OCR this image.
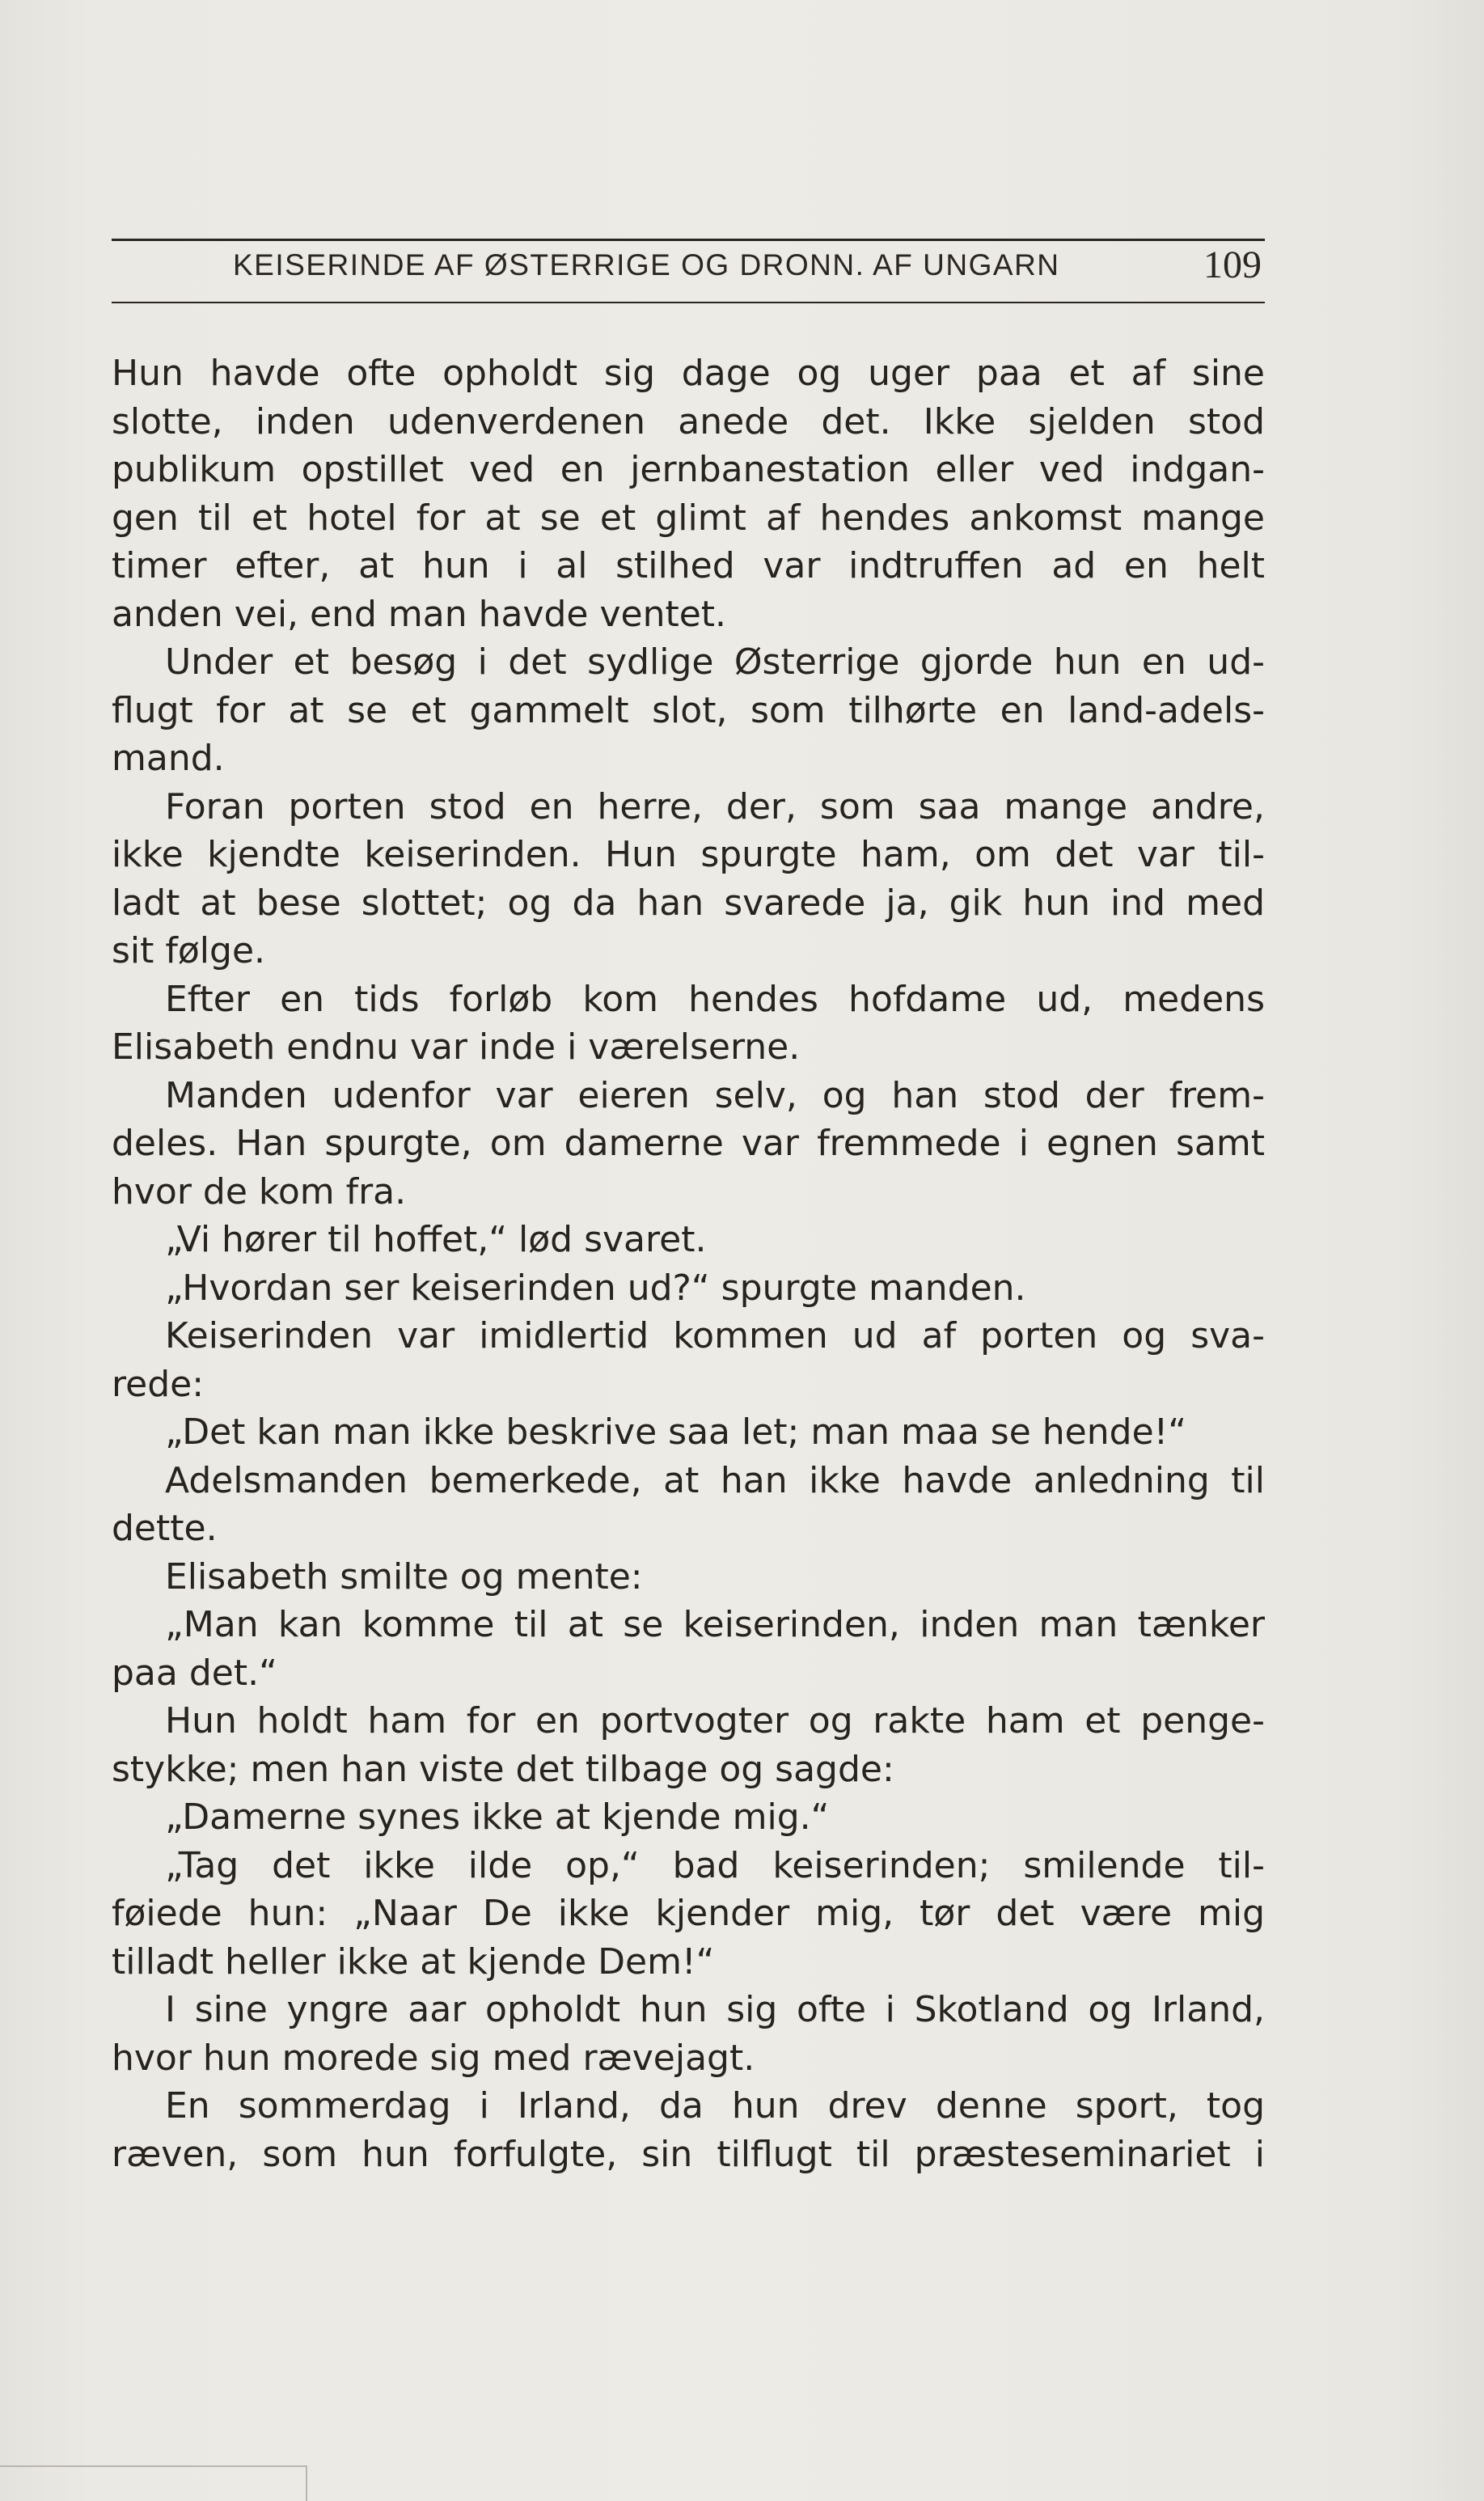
KEISERINDE AF ØSTERRIGE OG DRONN. AF UNGARN	109
Hun havde ofte opholdt sig dage og uger paa et af sine
slotte, inden udenverdenen anede det. Ikke sjelden stod
publikum opstillet ved en jernbanestation eller ved indgan-
gen til et hotel for at se et glimt af hendes ankomst mange
timer efter, at hun i al stilhed var indtruffen ad en helt
anden vei, end man havde ventet.
Under et besøg i det sydlige Østerrige gjorde hun en ud-
flugt for at se et gammelt slot, som tilhørte en land-adels-
mand.
Foran porten stod en herre, der, som saa mange andre,
ikke kjendte keiserinden. Hun spurgte ham, om det var til-
ladt at bese slottet; og da han svarede ja, gik hun ind med
sit følge.
Efter en tids forløb kom hendes hofdame ud, medens
Elisabeth endnu var inde i værelserne.
Manden udenfor var eieren selv, og han stod der frem-
deles. Han spurgte, om damerne var fremmede i egnen samt
hvor de kom fra.
„Vi hører til hoffet,“ lød svaret.
„Hvordan ser keiserinden ud?“ spurgte manden.
Keiserinden var imidlertid kommen ud af porten og sva-
rede:
„Det kan man ikke beskrive saa let; man maa se hende!“
Adelsmanden bemerkede, at han ikke havde anledning til
dette.
Elisabeth smilte og mente:
„Man kan komme til at se keiserinden, inden man tænker
paa det.“
Hun holdt ham for en portvogter og rakte ham et penge-
stykke; men han viste det tilbage og sagde:
„Damerne synes ikke at kjende mig.“
„Tag det ikke ilde op,“ bad keiserinden; smilende til-
føiede hun: „Naar De ikke kjender mig, tør det være mig
tilladt heller ikke at kjende Dem!“
I sine yngre aar opholdt hun sig ofte i Skotland og Irland,
hvor hun morede sig med rævejagt.
En sommerdag i Irland, da hun drev denne sport, tog
ræven, som hun forfulgte, sin tilflugt til præsteseminariet i
